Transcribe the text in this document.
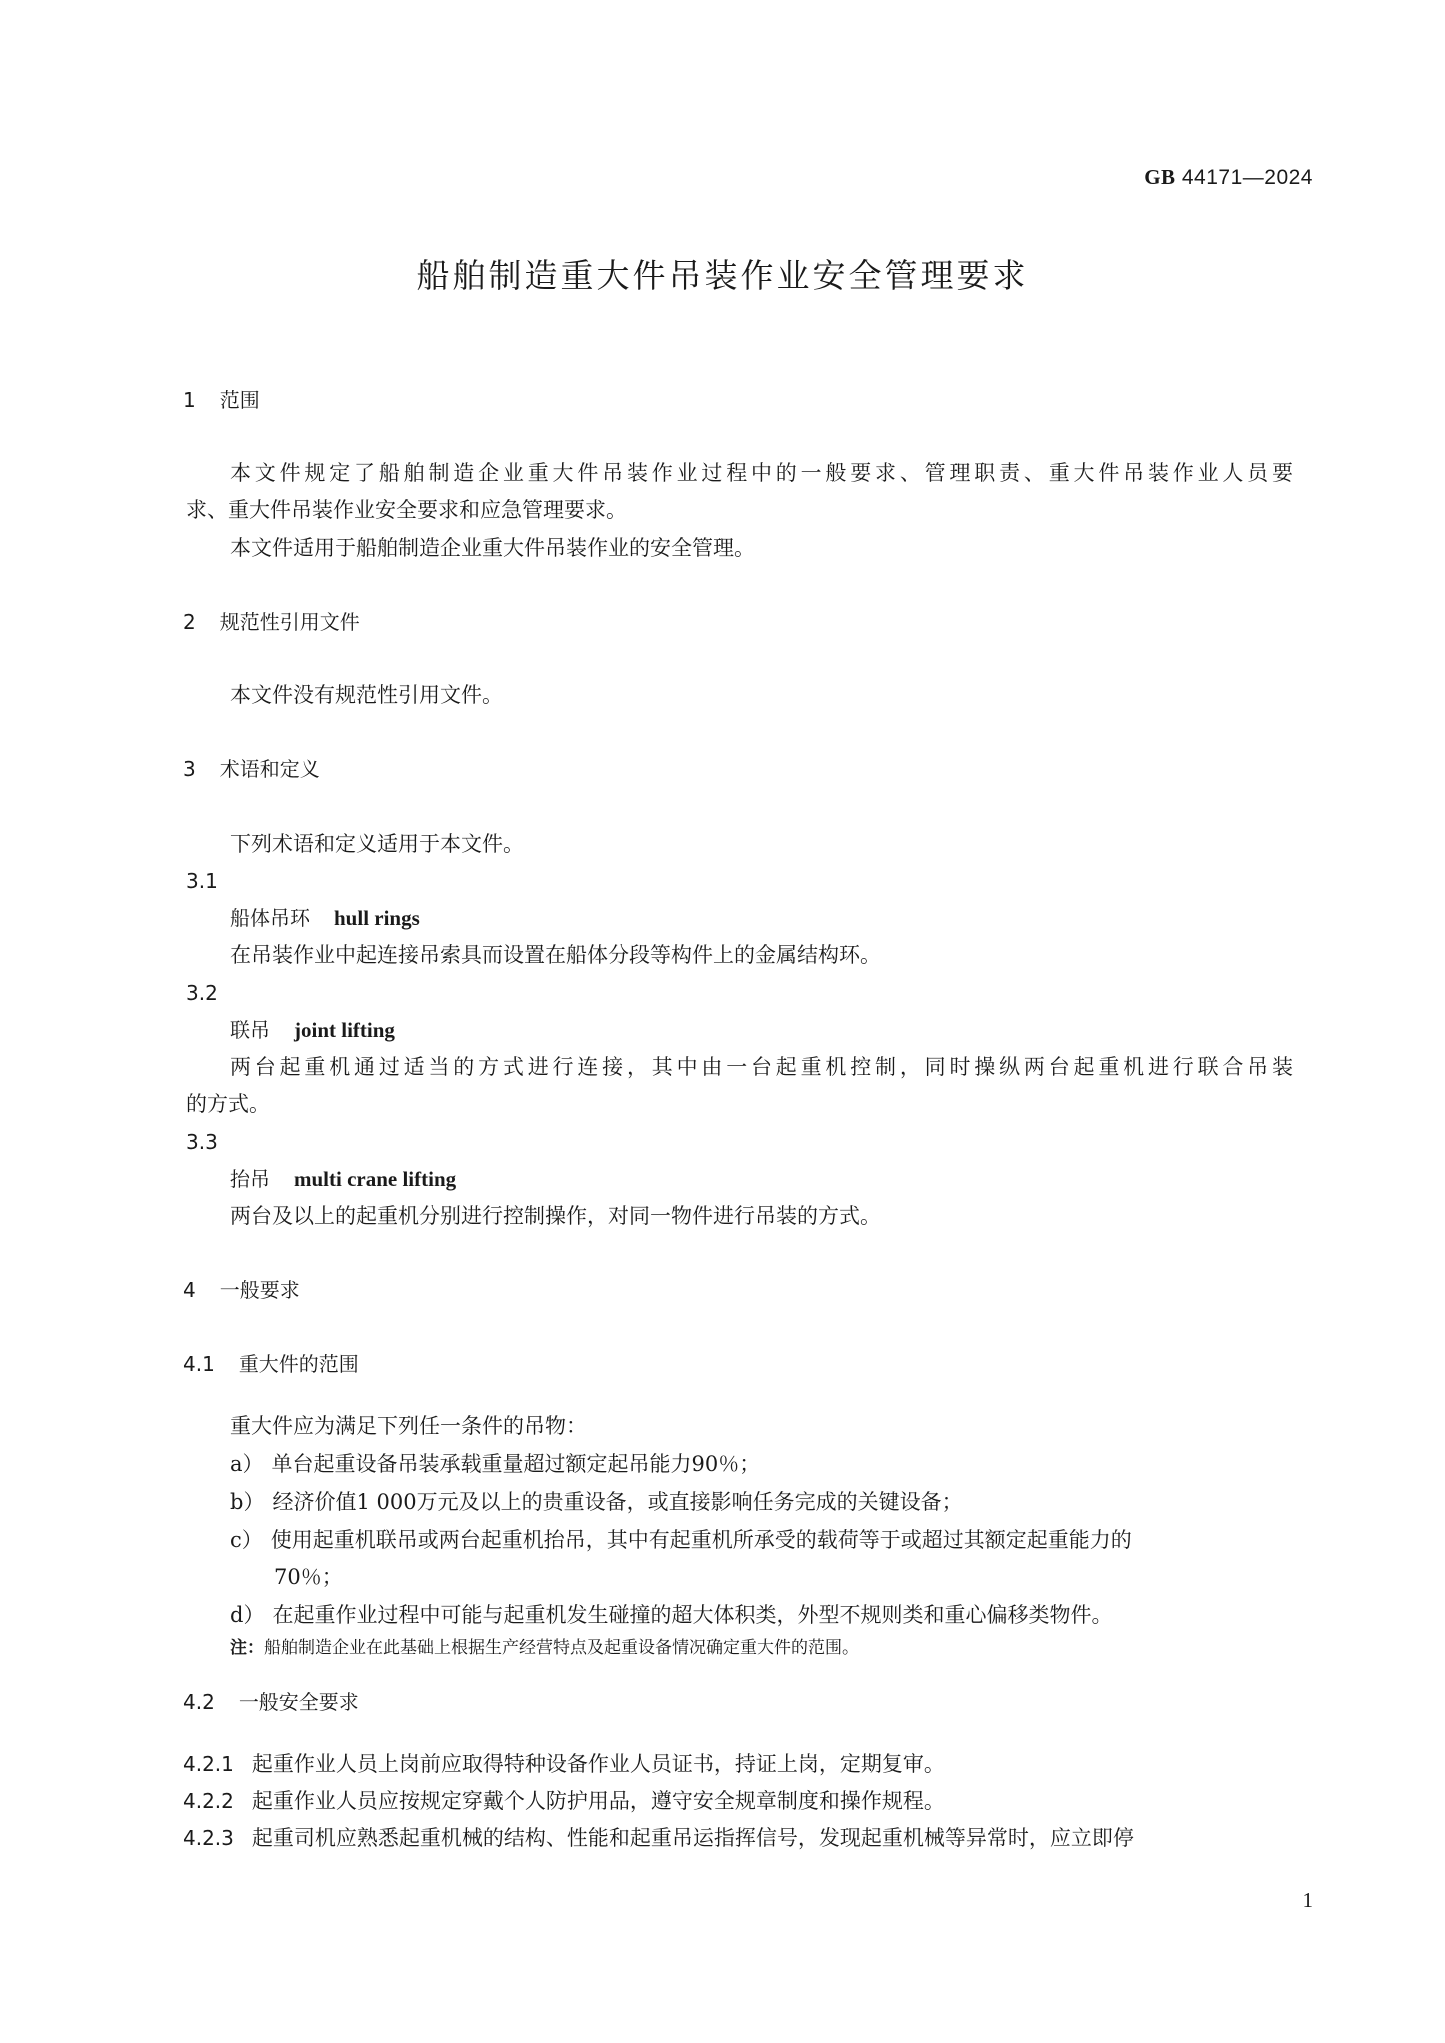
GB 44171—2024
船舶制造重大件吊装作业安全管理要求
1 范围
本文件规定了船舶制造企业重大件吊装作业过程中的一般要求、管理职责、重大件吊装作业人员要
求、重大件吊装作业安全要求和应急管理要求。
本文件适用于船舶制造企业重大件吊装作业的安全管理。
2 规范性引用文件
本文件没有规范性引用文件。
3 术语和定义
下列术语和定义适用于本文件。
3.1
船体吊环 hull rings
在吊装作业中起连接吊索具而设置在船体分段等构件上的金属结构环。
3.2
联吊 joint lifting
两台起重机通过适当的方式进行连接，其中由一台起重机控制，同时操纵两台起重机进行联合吊装
的方式。
3.3
抬吊 multi crane lifting
两台及以上的起重机分别进行控制操作，对同一物件进行吊装的方式。
4 一般要求
4.1 重大件的范围
重大件应为满足下列任一条件的吊物：
a） 单台起重设备吊装承载重量超过额定起吊能力90％；
b） 经济价值1 000万元及以上的贵重设备，或直接影响任务完成的关键设备；
c） 使用起重机联吊或两台起重机抬吊，其中有起重机所承受的载荷等于或超过其额定起重能力的
70％；
d） 在起重作业过程中可能与起重机发生碰撞的超大体积类，外型不规则类和重心偏移类物件。
注：船舶制造企业在此基础上根据生产经营特点及起重设备情况确定重大件的范围。
4.2 一般安全要求
4.2.1 起重作业人员上岗前应取得特种设备作业人员证书，持证上岗，定期复审。
4.2.2 起重作业人员应按规定穿戴个人防护用品，遵守安全规章制度和操作规程。
4.2.3 起重司机应熟悉起重机械的结构、性能和起重吊运指挥信号，发现起重机械等异常时，应立即停
1
